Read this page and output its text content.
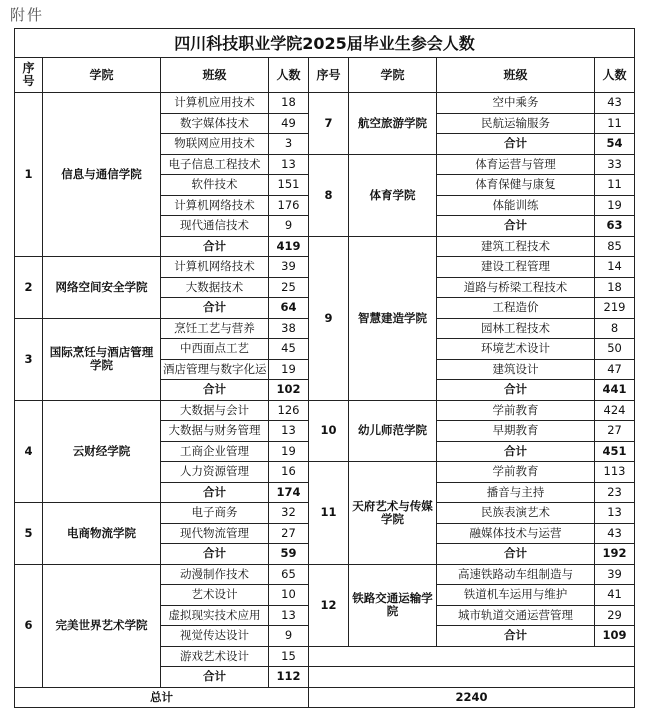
附件
四川科技职业学院2025届毕业生参会人数							
序号	学院	班级	人数	序号	学院	班级	人数
1	信息与通信学院	计算机应用技术	18	7	航空旅游学院	空中乘务	43
		数字媒体技术	49			民航运输服务	11
		物联网应用技术	3			合计	54
		电子信息工程技术	13	8	体育学院	体育运营与管理	33
		软件技术	151			体育保健与康复	11
		计算机网络技术	176			体能训练	19
		现代通信技术	9			合计	63
		合计	419	9	智慧建造学院	建筑工程技术	85
2	网络空间安全学院	计算机网络技术	39			建设工程管理	14
		大数据技术	25			道路与桥梁工程技术	18
		合计	64			工程造价	219
3	国际烹饪与酒店管理学院	烹饪工艺与营养	38			园林工程技术	8
		中西面点工艺	45			环境艺术设计	50
		酒店管理与数字化运	19			建筑设计	47
		合计	102			合计	441
4	云财经学院	大数据与会计	126	10	幼儿师范学院	学前教育	424
		大数据与财务管理	13			早期教育	27
		工商企业管理	19			合计	451
		人力资源管理	16	11	天府艺术与传媒学院	学前教育	113
		合计	174			播音与主持	23
5	电商物流学院	电子商务	32			民族表演艺术	13
		现代物流管理	27			融媒体技术与运营	43
		合计	59			合计	192
6	完美世界艺术学院	动漫制作技术	65	12	铁路交通运输学院	高速铁路动车组制造与	39
		艺术设计	10			铁道机车运用与维护	41
		虚拟现实技术应用	13			城市轨道交通运营管理	29
		视觉传达设计	9			合计	109
		游戏艺术设计	15				
		合计	112				
总计				2240			
